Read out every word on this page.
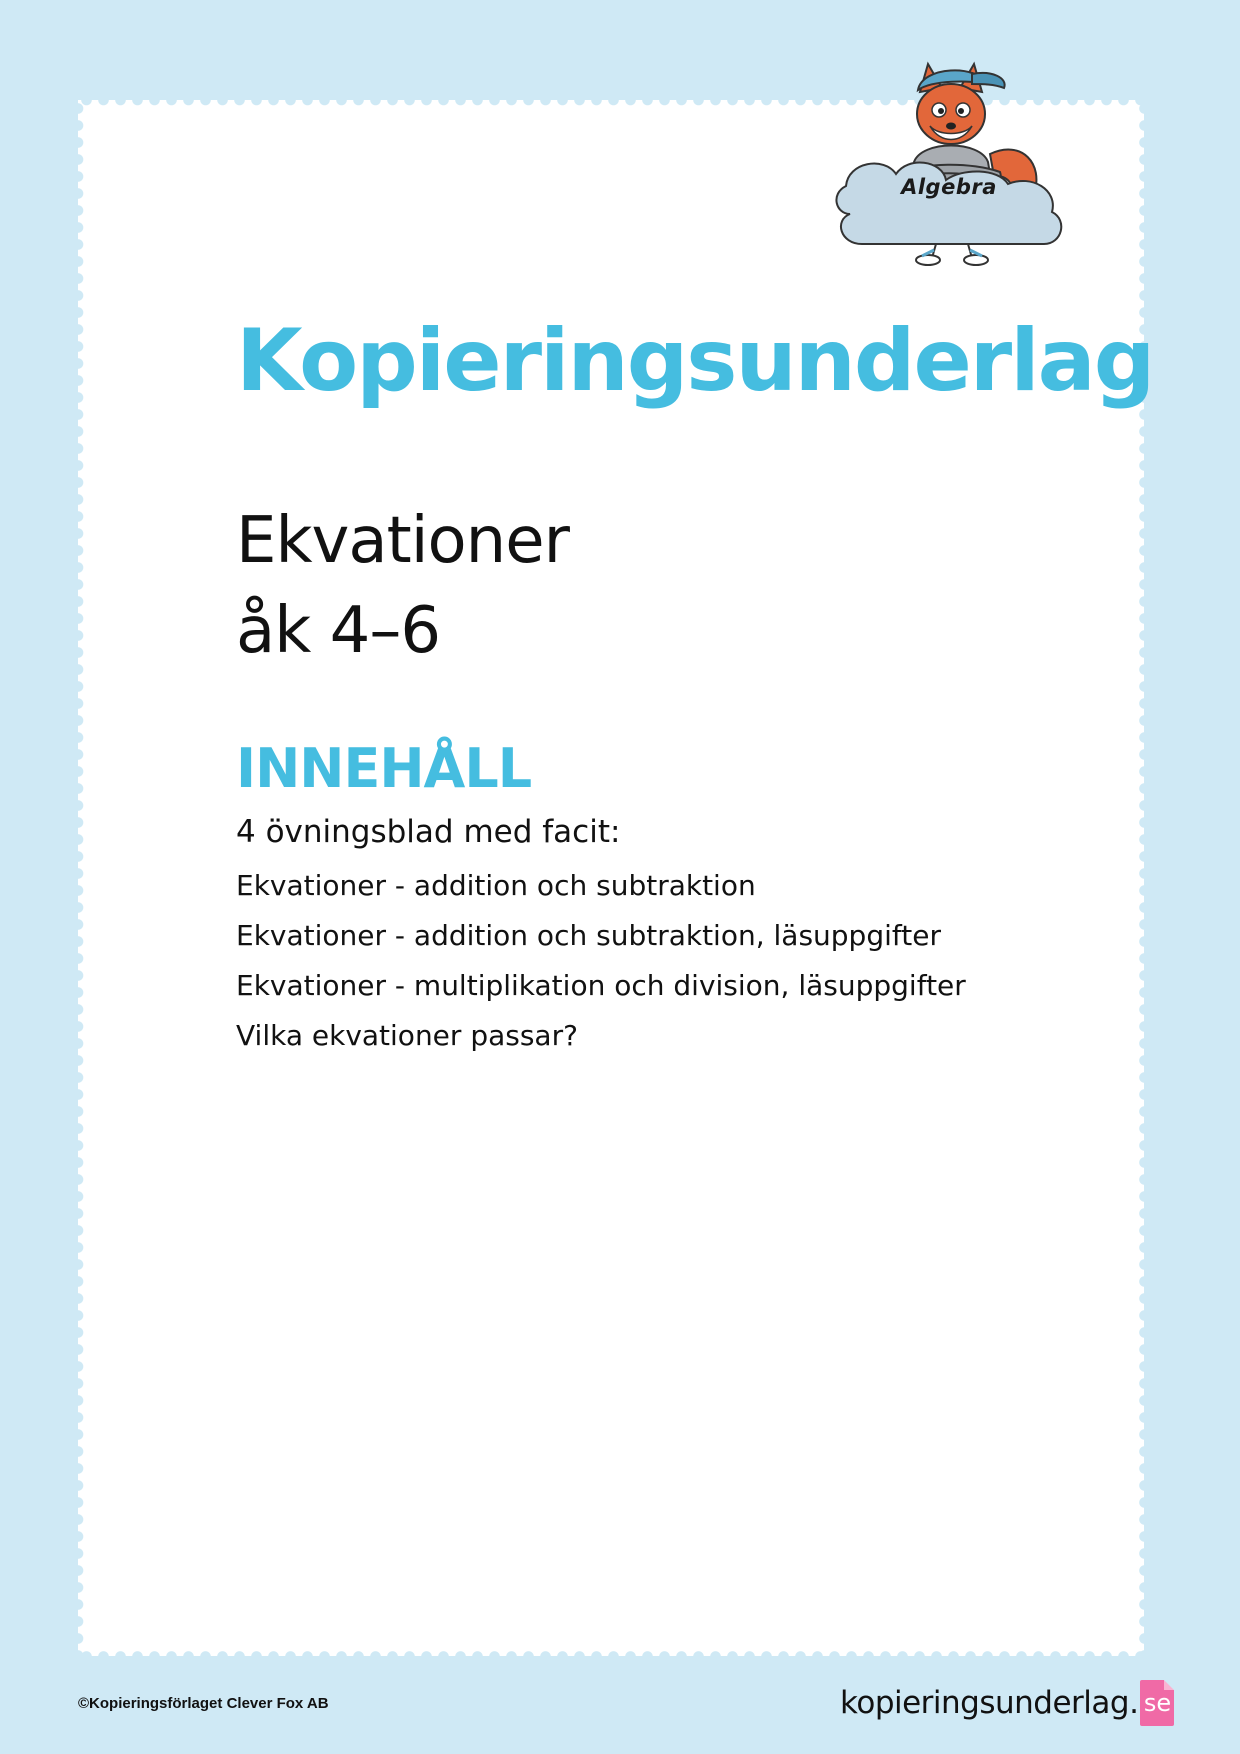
Algebra
Kopieringsunderlag
Ekvationer
åk 4–6
INNEHÅLL
4 övningsblad med facit:
Ekvationer - addition och subtraktion
Ekvationer - addition och subtraktion, läsuppgifter
Ekvationer - multiplikation och division, läsuppgifter
Vilka ekvationer passar?
©Kopieringsförlaget Clever Fox AB	kopieringsunderlag. se
